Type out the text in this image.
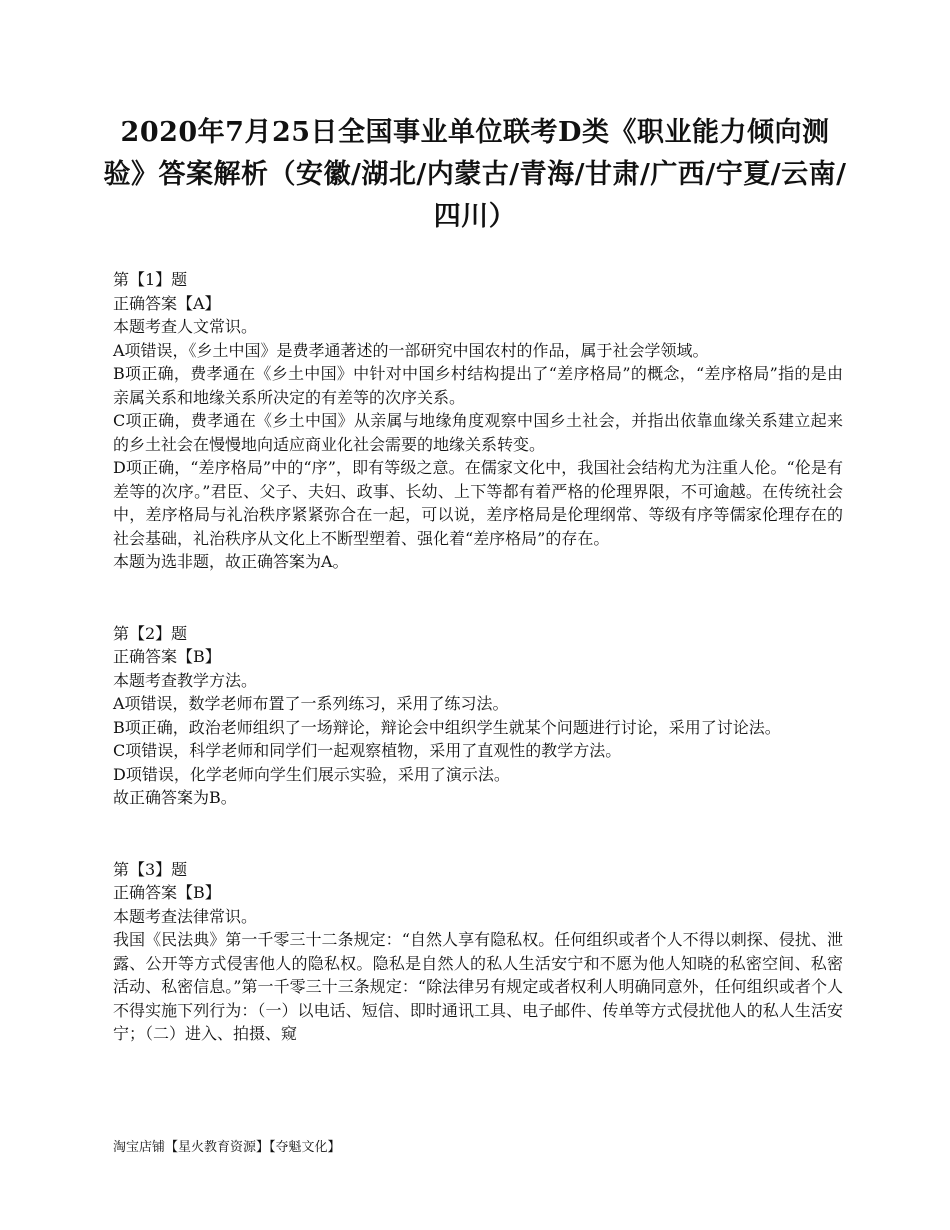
2020年7月25日全国事业单位联考D类《职业能力倾向测验》答案解析（安徽/湖北/内蒙古/青海/甘肃/广西/宁夏/云南/四川）

第【1】题

正确答案【A】

本题考查人文常识。

A项错误，《乡土中国》是费孝通著述的一部研究中国农村的作品，属于社会学领域。

B项正确，费孝通在《乡土中国》中针对中国乡村结构提出了“差序格局”的概念，“差序格局”指的是由亲属关系和地缘关系所决定的有差等的次序关系。

C项正确，费孝通在《乡土中国》从亲属与地缘角度观察中国乡土社会，并指出依靠血缘关系建立起来的乡土社会在慢慢地向适应商业化社会需要的地缘关系转变。

D项正确，“差序格局”中的“序”，即有等级之意。在儒家文化中，我国社会结构尤为注重人伦。“伦是有差等的次序。”君臣、父子、夫妇、政事、长幼、上下等都有着严格的伦理界限，不可逾越。在传统社会中，差序格局与礼治秩序紧紧弥合在一起，可以说，差序格局是伦理纲常、等级有序等儒家伦理存在的社会基础，礼治秩序从文化上不断型塑着、强化着“差序格局”的存在。

本题为选非题，故正确答案为A。

第【2】题

正确答案【B】

本题考查教学方法。

A项错误，数学老师布置了一系列练习，采用了练习法。

B项正确，政治老师组织了一场辩论，辩论会中组织学生就某个问题进行讨论，采用了讨论法。

C项错误，科学老师和同学们一起观察植物，采用了直观性的教学方法。

D项错误，化学老师向学生们展示实验，采用了演示法。

故正确答案为B。

第【3】题

正确答案【B】

本题考查法律常识。

我国《民法典》第一千零三十二条规定：“自然人享有隐私权。任何组织或者个人不得以刺探、侵扰、泄露、公开等方式侵害他人的隐私权。隐私是自然人的私人生活安宁和不愿为他人知晓的私密空间、私密活动、私密信息。”第一千零三十三条规定：“除法律另有规定或者权利人明确同意外，任何组织或者个人不得实施下列行为：（一）以电话、短信、即时通讯工具、电子邮件、传单等方式侵扰他人的私人生活安宁；（二）进入、拍摄、窥

淘宝店铺【星火教育资源】【夺魁文化】
